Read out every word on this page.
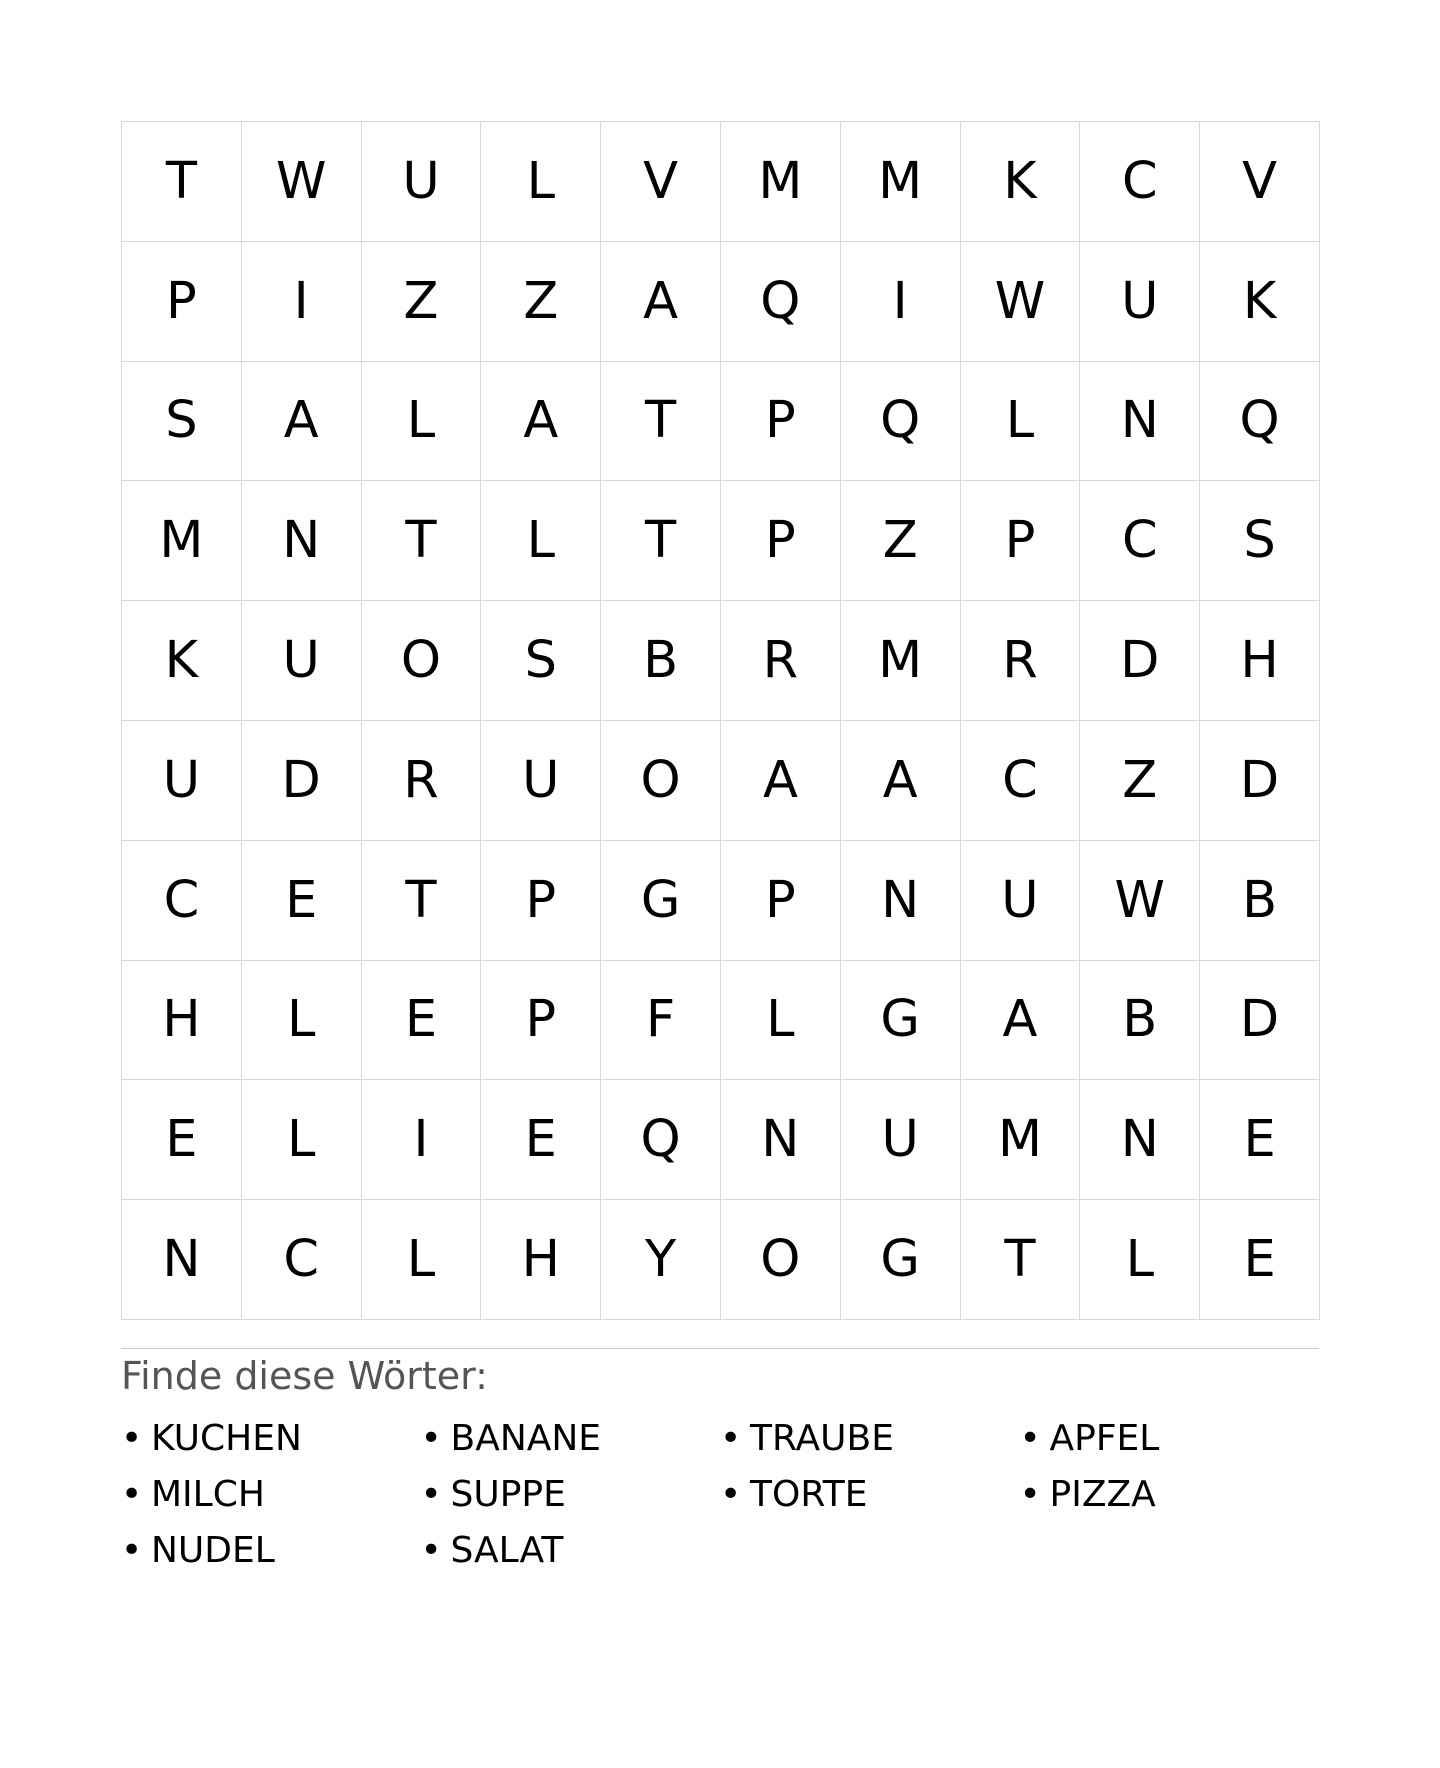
T	W	U	L	V	M	M	K	C	V
P	I	Z	Z	A	Q	I	W	U	K
S	A	L	A	T	P	Q	L	N	Q
M	N	T	L	T	P	Z	P	C	S
K	U	O	S	B	R	M	R	D	H
U	D	R	U	O	A	A	C	Z	D
C	E	T	P	G	P	N	U	W	B
H	L	E	P	F	L	G	A	B	D
E	L	I	E	Q	N	U	M	N	E
N	C	L	H	Y	O	G	T	L	E
Finde diese Wörter:
• KUCHEN	• BANANE	• TRAUBE	• APFEL
• MILCH	• SUPPE	• TORTE	• PIZZA
• NUDEL	• SALAT
